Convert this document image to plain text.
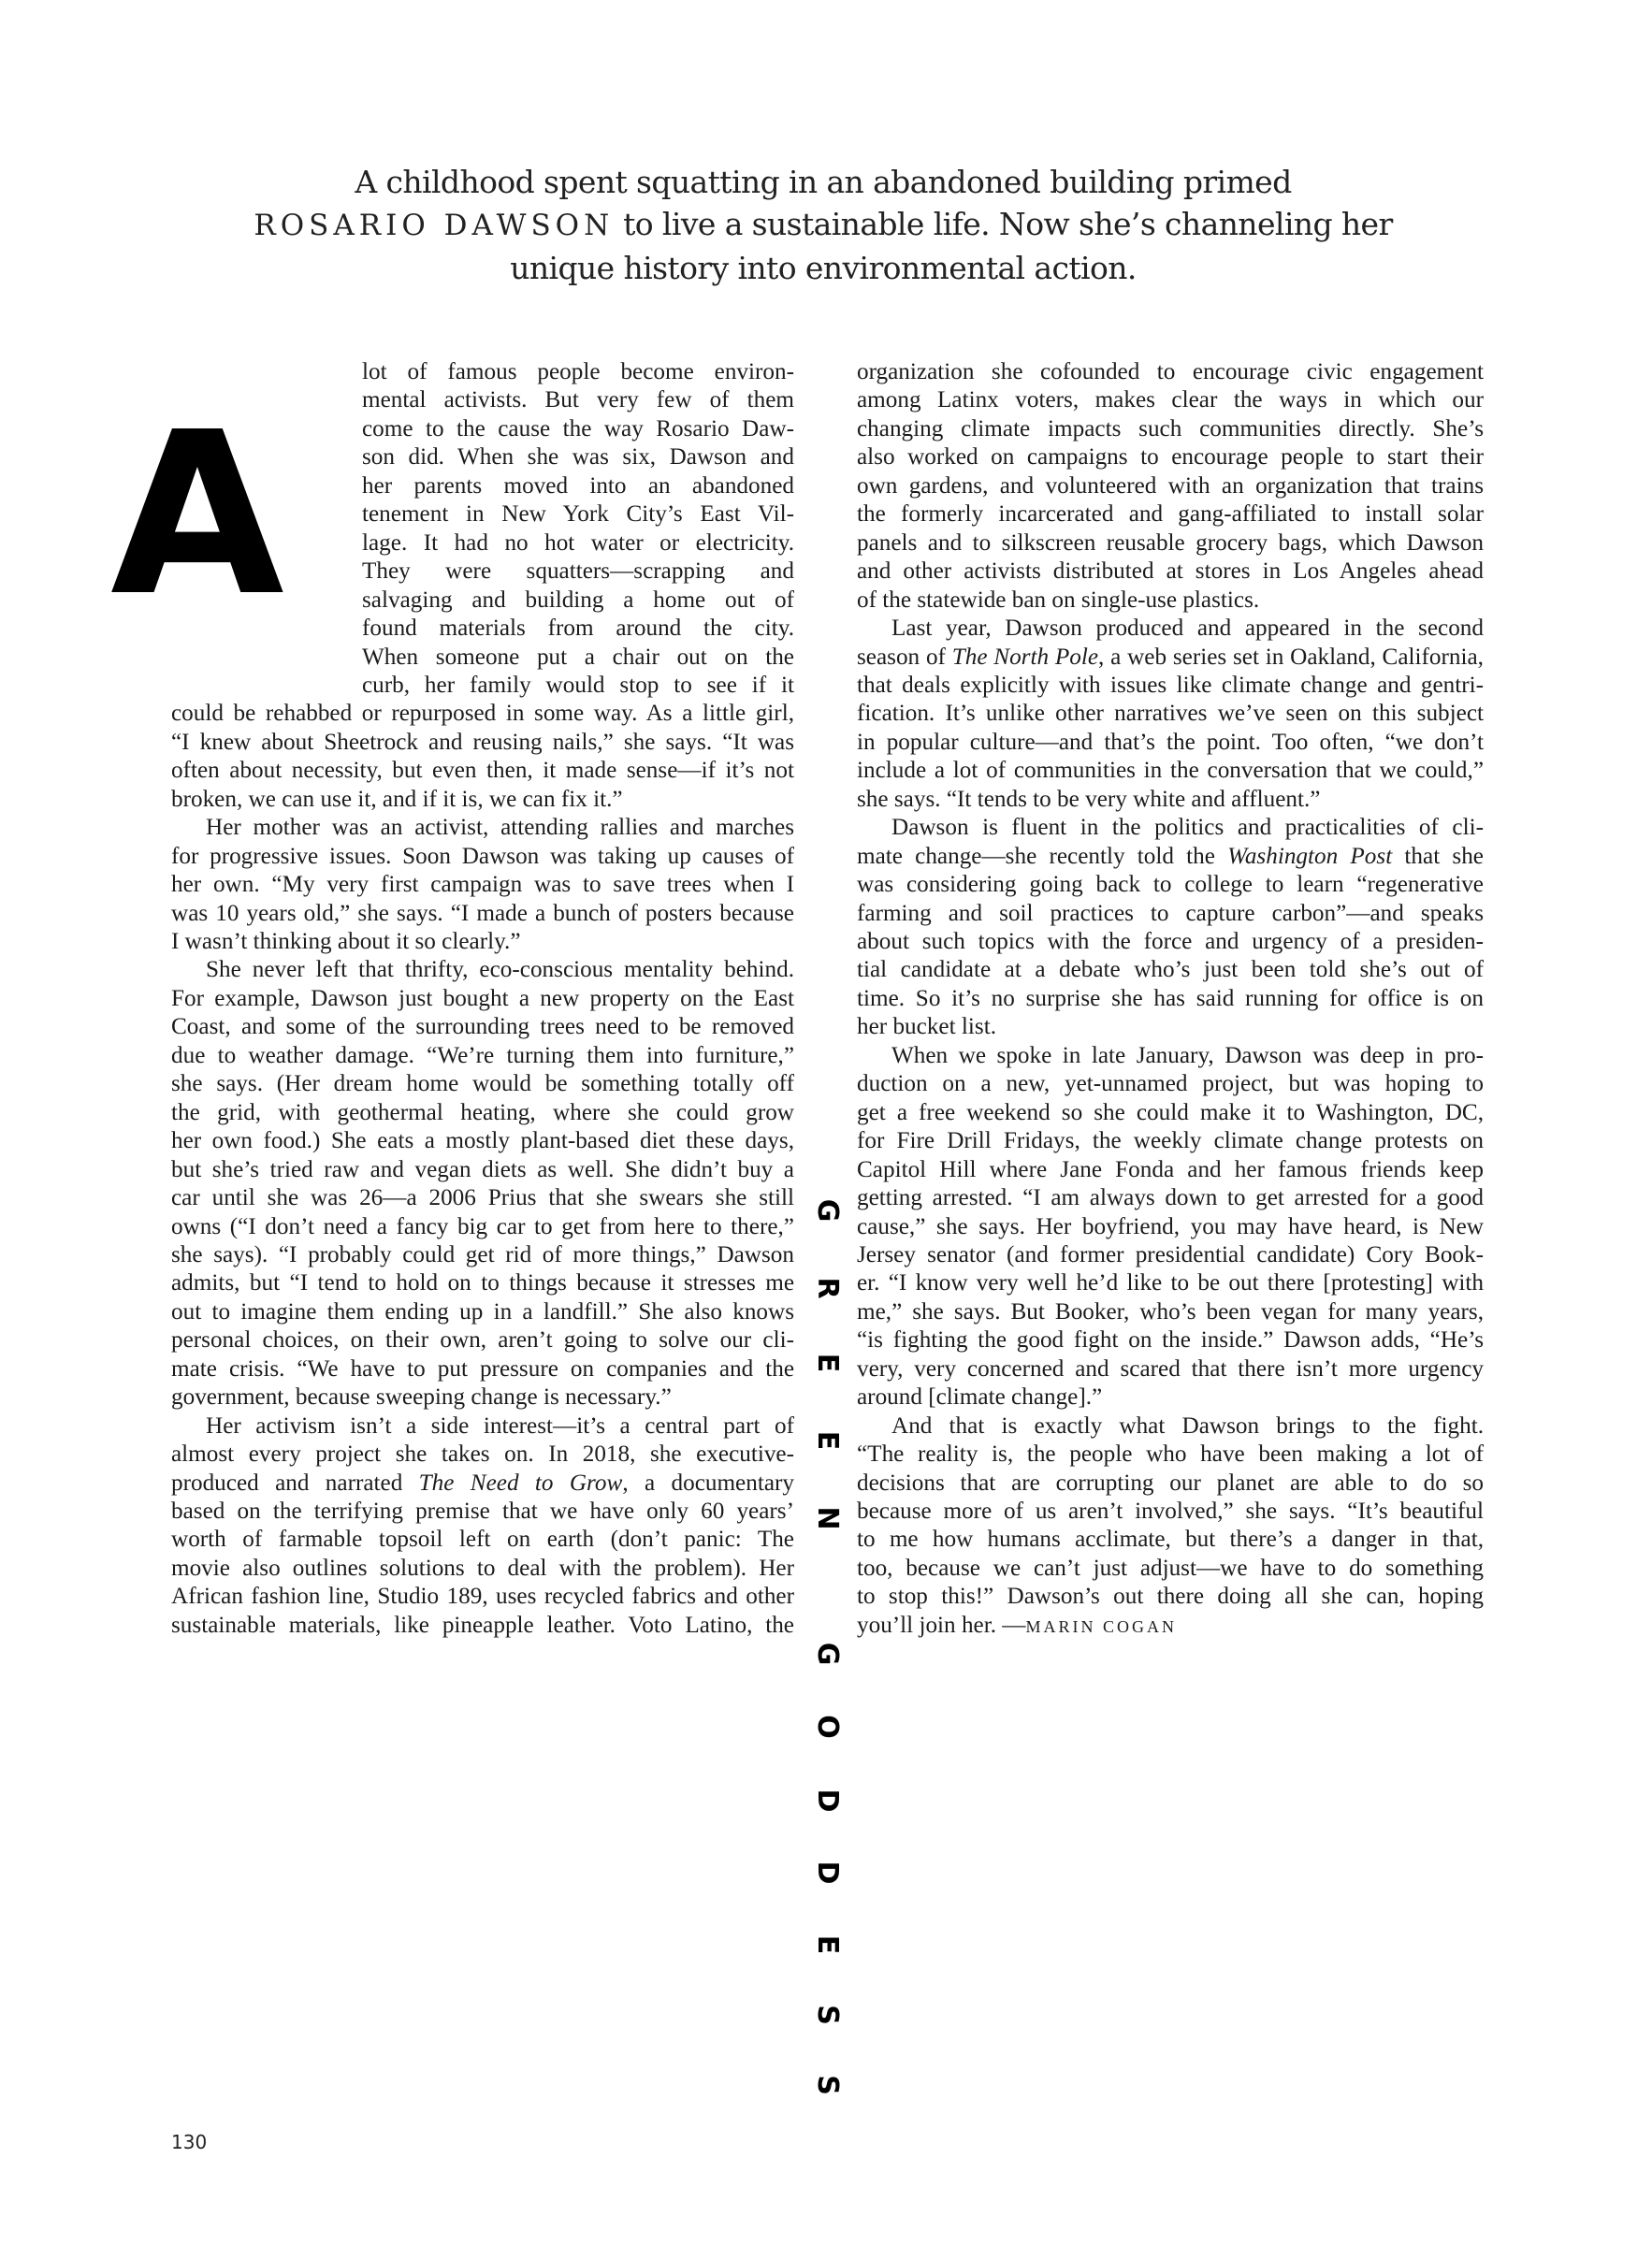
A childhood spent squatting in an abandoned building primed
ROSARIO DAWSON to live a sustainable life. Now she’s channeling her
unique history into environmental action.
A
lot of famous people become environ-
mental activists. But very few of them
come to the cause the way Rosario Daw-
son did. When she was six, Dawson and
her parents moved into an abandoned
tenement in New York City’s East Vil-
lage. It had no hot water or electricity.
They were squatters—scrapping and
salvaging and building a home out of
found materials from around the city.
When someone put a chair out on the
curb, her family would stop to see if it
could be rehabbed or repurposed in some way. As a little girl,
“I knew about Sheetrock and reusing nails,” she says. “It was
often about necessity, but even then, it made sense—if it’s not
broken, we can use it, and if it is, we can fix it.”
Her mother was an activist, attending rallies and marches
for progressive issues. Soon Dawson was taking up causes of
her own. “My very first campaign was to save trees when I
was 10 years old,” she says. “I made a bunch of posters because
I wasn’t thinking about it so clearly.”
She never left that thrifty, eco-conscious mentality behind.
For example, Dawson just bought a new property on the East
Coast, and some of the surrounding trees need to be removed
due to weather damage. “We’re turning them into furniture,”
she says. (Her dream home would be something totally off
the grid, with geothermal heating, where she could grow
her own food.) She eats a mostly plant-based diet these days,
but she’s tried raw and vegan diets as well. She didn’t buy a
car until she was 26—a 2006 Prius that she swears she still
owns (“I don’t need a fancy big car to get from here to there,”
she says). “I probably could get rid of more things,” Dawson
admits, but “I tend to hold on to things because it stresses me
out to imagine them ending up in a landfill.” She also knows
personal choices, on their own, aren’t going to solve our cli-
mate crisis. “We have to put pressure on companies and the
government, because sweeping change is necessary.”
Her activism isn’t a side interest—it’s a central part of
almost every project she takes on. In 2018, she executive-
produced and narrated The Need to Grow, a documentary
based on the terrifying premise that we have only 60 years’
worth of farmable topsoil left on earth (don’t panic: The
movie also outlines solutions to deal with the problem). Her
African fashion line, Studio 189, uses recycled fabrics and other
sustainable materials, like pineapple leather. Voto Latino, the
organization she cofounded to encourage civic engagement
among Latinx voters, makes clear the ways in which our
changing climate impacts such communities directly. She’s
also worked on campaigns to encourage people to start their
own gardens, and volunteered with an organization that trains
the formerly incarcerated and gang-affiliated to install solar
panels and to silkscreen reusable grocery bags, which Dawson
and other activists distributed at stores in Los Angeles ahead
of the statewide ban on single-use plastics.
Last year, Dawson produced and appeared in the second
season of The North Pole, a web series set in Oakland, California,
that deals explicitly with issues like climate change and gentri-
fication. It’s unlike other narratives we’ve seen on this subject
in popular culture—and that’s the point. Too often, “we don’t
include a lot of communities in the conversation that we could,”
she says. “It tends to be very white and affluent.”
Dawson is fluent in the politics and practicalities of cli-
mate change—she recently told the Washington Post that she
was considering going back to college to learn “regenerative
farming and soil practices to capture carbon”—and speaks
about such topics with the force and urgency of a presiden-
tial candidate at a debate who’s just been told she’s out of
time. So it’s no surprise she has said running for office is on
her bucket list.
When we spoke in late January, Dawson was deep in pro-
duction on a new, yet-unnamed project, but was hoping to
get a free weekend so she could make it to Washington, DC,
for Fire Drill Fridays, the weekly climate change protests on
Capitol Hill where Jane Fonda and her famous friends keep
getting arrested. “I am always down to get arrested for a good
cause,” she says. Her boyfriend, you may have heard, is New
Jersey senator (and former presidential candidate) Cory Book-
er. “I know very well he’d like to be out there [protesting] with
me,” she says. But Booker, who’s been vegan for many years,
“is fighting the good fight on the inside.” Dawson adds, “He’s
very, very concerned and scared that there isn’t more urgency
around [climate change].”
And that is exactly what Dawson brings to the fight.
“The reality is, the people who have been making a lot of
decisions that are corrupting our planet are able to do so
because more of us aren’t involved,” she says. “It’s beautiful
to me how humans acclimate, but there’s a danger in that,
too, because we can’t just adjust—we have to do something
to stop this!” Dawson’s out there doing all she can, hoping
you’ll join her. —MARIN COGAN
G
R
E
E
N
G
O
D
D
E
S
S
130
